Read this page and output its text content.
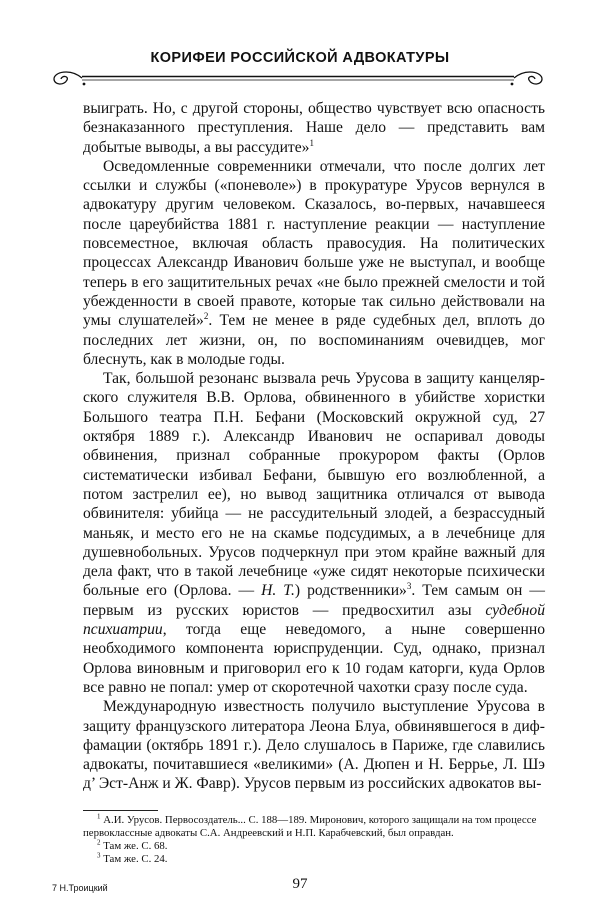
КОРИФЕИ РОССИЙСКОЙ АДВОКАТУРЫ

выиграть. Но, с другой стороны, общество чувствует всю опасность безнаказанного преступления. Наше дело — представить вам добытые выводы, а вы рассудите»$^1$

Осведомленные современники отмечали, что после долгих лет ссылки и службы («поневоле») в прокуратуре Урусов вернулся в адвокатуру другим человеком. Сказалось, во-первых, начавшееся после цареубийства 1881 г. наступление реакции — наступление повсеместное, включая область правосудия. На политических процессах Александр Иванович больше уже не выступал, и вообще теперь в его защитительных речах «не было прежней смелости и той убежденности в своей правоте, которые так сильно действовали на умы слушателей»$^2$. Тем не менее в ряде судебных дел, вплоть до последних лет жизни, он, по воспоминаниям очевидцев, мог блеснуть, как в молодые годы.

Так, большой резонанс вызвала речь Урусова в защиту канцелярского служителя В.В. Орлова, обвиненного в убийстве хористки Большого театра П.Н. Бефани (Московский окружной суд, 27 октября 1889 г.). Александр Иванович не оспаривал доводы обвинения, признал собранные прокурором факты (Орлов систематически избивал Бефани, бывшую его возлюбленной, а потом застрелил ее), но вывод защитника отличался от вывода обвинителя: убийца — не рассудительный злодей, а безрассудный маньяк, и место его не на скамье подсудимых, а в лечебнице для душевнобольных. Урусов подчеркнул при этом крайне важный для дела факт, что в такой лечебнице «уже сидят некоторые психически больные его (Орлова. — Н. Т.) родственники»$^3$. Тем самым он — первым из русских юристов — предвосхитил азы судебной психиатрии, тогда еще неведомого, а ныне совершенно необходимого компонента юриспруденции. Суд, однако, признал Орлова виновным и приговорил его к 10 годам каторги, куда Орлов все равно не попал: умер от скоротечной чахотки сразу после суда.

Международную известность получило выступление Урусова в защиту французского литератора Леона Блуа, обвинявшегося в диффамации (октябрь 1891 г.). Дело слушалось в Париже, где славились адвокаты, почитавшиеся «великими» (А. Дюпен и Н. Беррье, Л. Шэ д’ Эст-Анж и Ж. Фавр). Урусов первым из российских адвокатов вы-

$^1$ А.И. Урусов. Первосоздатель... С. 188—189. Миронович, которого защищали на том процессе первоклассные адвокаты С.А. Андреевский и Н.П. Карабчевский, был оправдан.

$^2$ Там же. С. 68.

$^3$ Там же. С. 24.

7 Н.Троицкий	97
